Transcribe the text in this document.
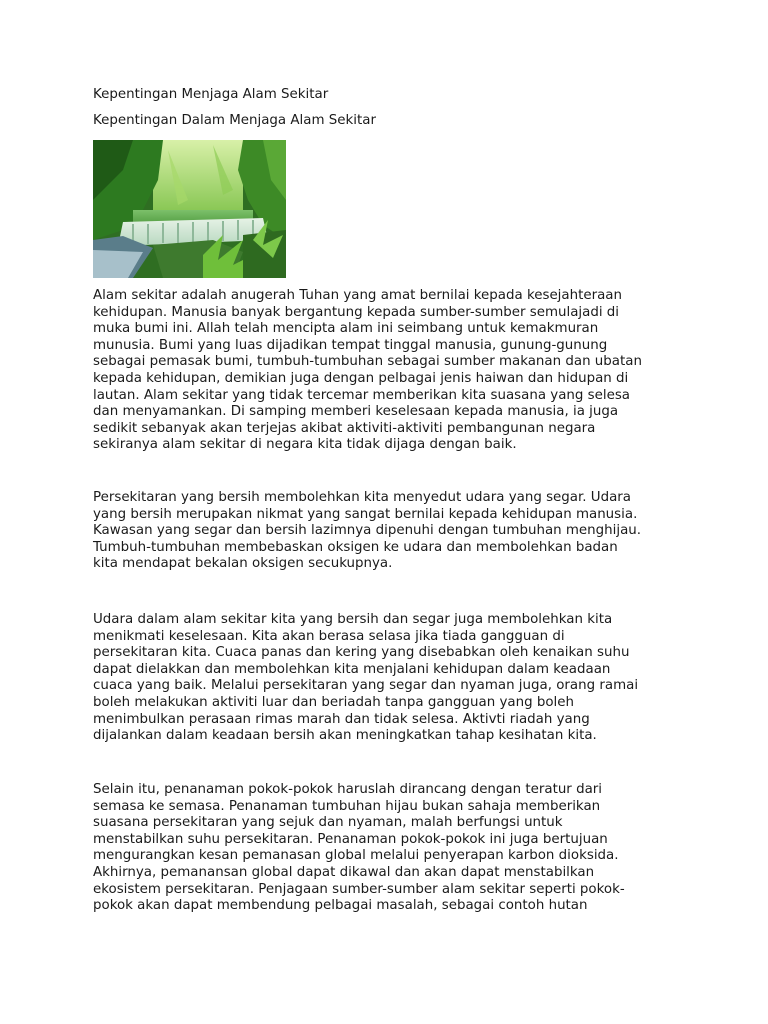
Kepentingan Menjaga Alam Sekitar
Kepentingan Dalam Menjaga Alam Sekitar

Alam sekitar adalah anugerah Tuhan yang amat bernilai kepada kesejahteraan
kehidupan. Manusia banyak bergantung kepada sumber-sumber semulajadi di
muka bumi ini. Allah telah mencipta alam ini seimbang untuk kemakmuran
munusia. Bumi yang luas dijadikan tempat tinggal manusia, gunung-gunung
sebagai pemasak bumi, tumbuh-tumbuhan sebagai sumber makanan dan ubatan
kepada kehidupan, demikian juga dengan pelbagai jenis haiwan dan hidupan di
lautan. Alam sekitar yang tidak tercemar memberikan kita suasana yang selesa
dan menyamankan. Di samping memberi keselesaan kepada manusia, ia juga
sedikit sebanyak akan terjejas akibat aktiviti-aktiviti pembangunan negara
sekiranya alam sekitar di negara kita tidak dijaga dengan baik.

Persekitaran yang bersih membolehkan kita menyedut udara yang segar. Udara
yang bersih merupakan nikmat yang sangat bernilai kepada kehidupan manusia.
Kawasan yang segar dan bersih lazimnya dipenuhi dengan tumbuhan menghijau.
Tumbuh-tumbuhan membebaskan oksigen ke udara dan membolehkan badan
kita mendapat bekalan oksigen secukupnya.

Udara dalam alam sekitar kita yang bersih dan segar juga membolehkan kita
menikmati keselesaan. Kita akan berasa selasa jika tiada gangguan di
persekitaran kita. Cuaca panas dan kering yang disebabkan oleh kenaikan suhu
dapat dielakkan dan membolehkan kita menjalani kehidupan dalam keadaan
cuaca yang baik. Melalui persekitaran yang segar dan nyaman juga, orang ramai
boleh melakukan aktiviti luar dan beriadah tanpa gangguan yang boleh
menimbulkan perasaan rimas marah dan tidak selesa. Aktivti riadah yang
dijalankan dalam keadaan bersih akan meningkatkan tahap kesihatan kita.

Selain itu, penanaman pokok-pokok haruslah dirancang dengan teratur dari
semasa ke semasa. Penanaman tumbuhan hijau bukan sahaja memberikan
suasana persekitaran yang sejuk dan nyaman, malah berfungsi untuk
menstabilkan suhu persekitaran. Penanaman pokok-pokok ini juga bertujuan
mengurangkan kesan pemanasan global melalui penyerapan karbon dioksida.
Akhirnya, pemanansan global dapat dikawal dan akan dapat menstabilkan
ekosistem persekitaran. Penjagaan sumber-sumber alam sekitar seperti pokok-
pokok akan dapat membendung pelbagai masalah, sebagai contoh hutan
